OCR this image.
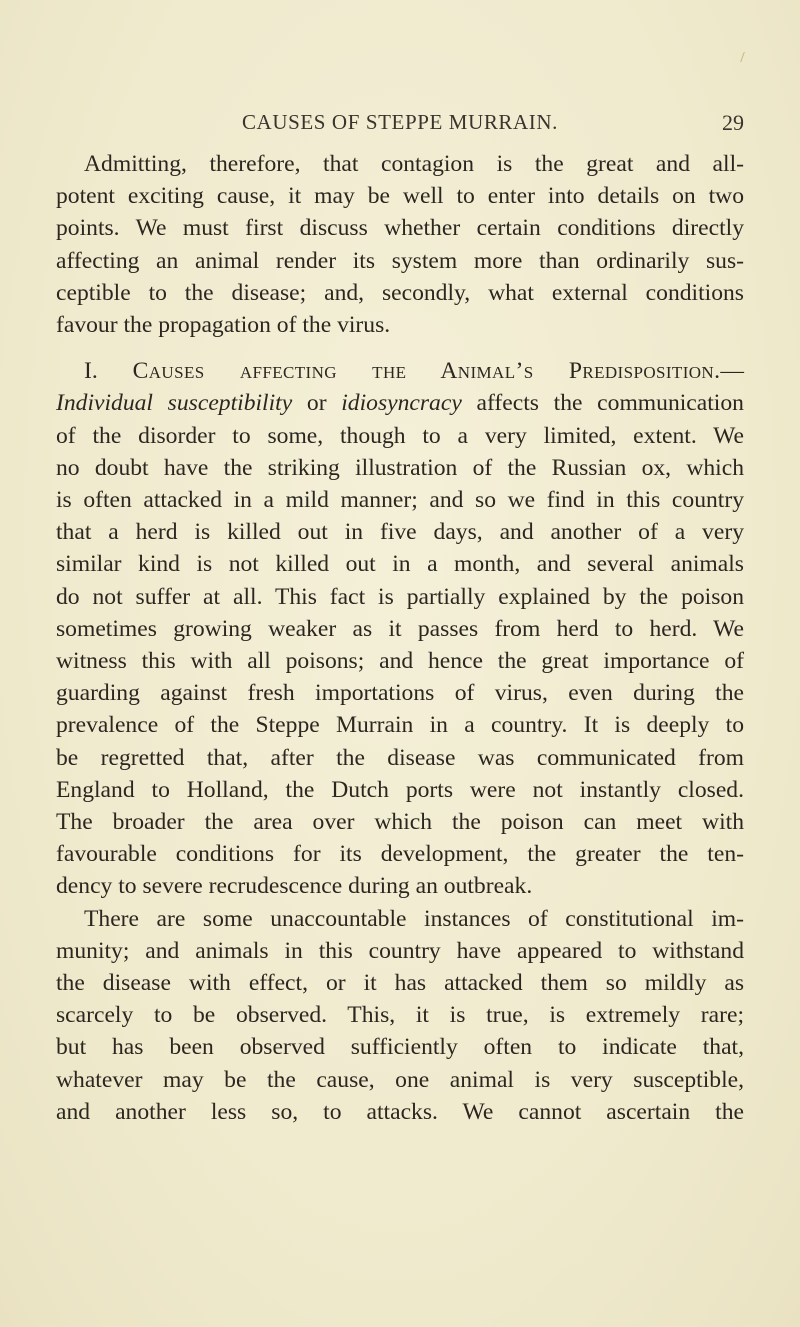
CAUSES OF STEPPE MURRAIN.	29
Admitting, therefore, that contagion is the great and all-
potent exciting cause, it may be well to enter into details on two
points. We must first discuss whether certain conditions directly
affecting an animal render its system more than ordinarily sus-
ceptible to the disease; and, secondly, what external conditions
favour the propagation of the virus.
I. Causes affecting the Animal’s Predisposition.—
Individual susceptibility or idiosyncracy affects the communication
of the disorder to some, though to a very limited, extent. We
no doubt have the striking illustration of the Russian ox, which
is often attacked in a mild manner; and so we find in this country
that a herd is killed out in five days, and another of a very
similar kind is not killed out in a month, and several animals
do not suffer at all. This fact is partially explained by the poison
sometimes growing weaker as it passes from herd to herd. We
witness this with all poisons; and hence the great importance of
guarding against fresh importations of virus, even during the
prevalence of the Steppe Murrain in a country. It is deeply to
be regretted that, after the disease was communicated from
England to Holland, the Dutch ports were not instantly closed.
The broader the area over which the poison can meet with
favourable conditions for its development, the greater the ten-
dency to severe recrudescence during an outbreak.
There are some unaccountable instances of constitutional im-
munity; and animals in this country have appeared to withstand
the disease with effect, or it has attacked them so mildly as
scarcely to be observed. This, it is true, is extremely rare;
but has been observed sufficiently often to indicate that,
whatever may be the cause, one animal is very susceptible,
and another less so, to attacks. We cannot ascertain the
